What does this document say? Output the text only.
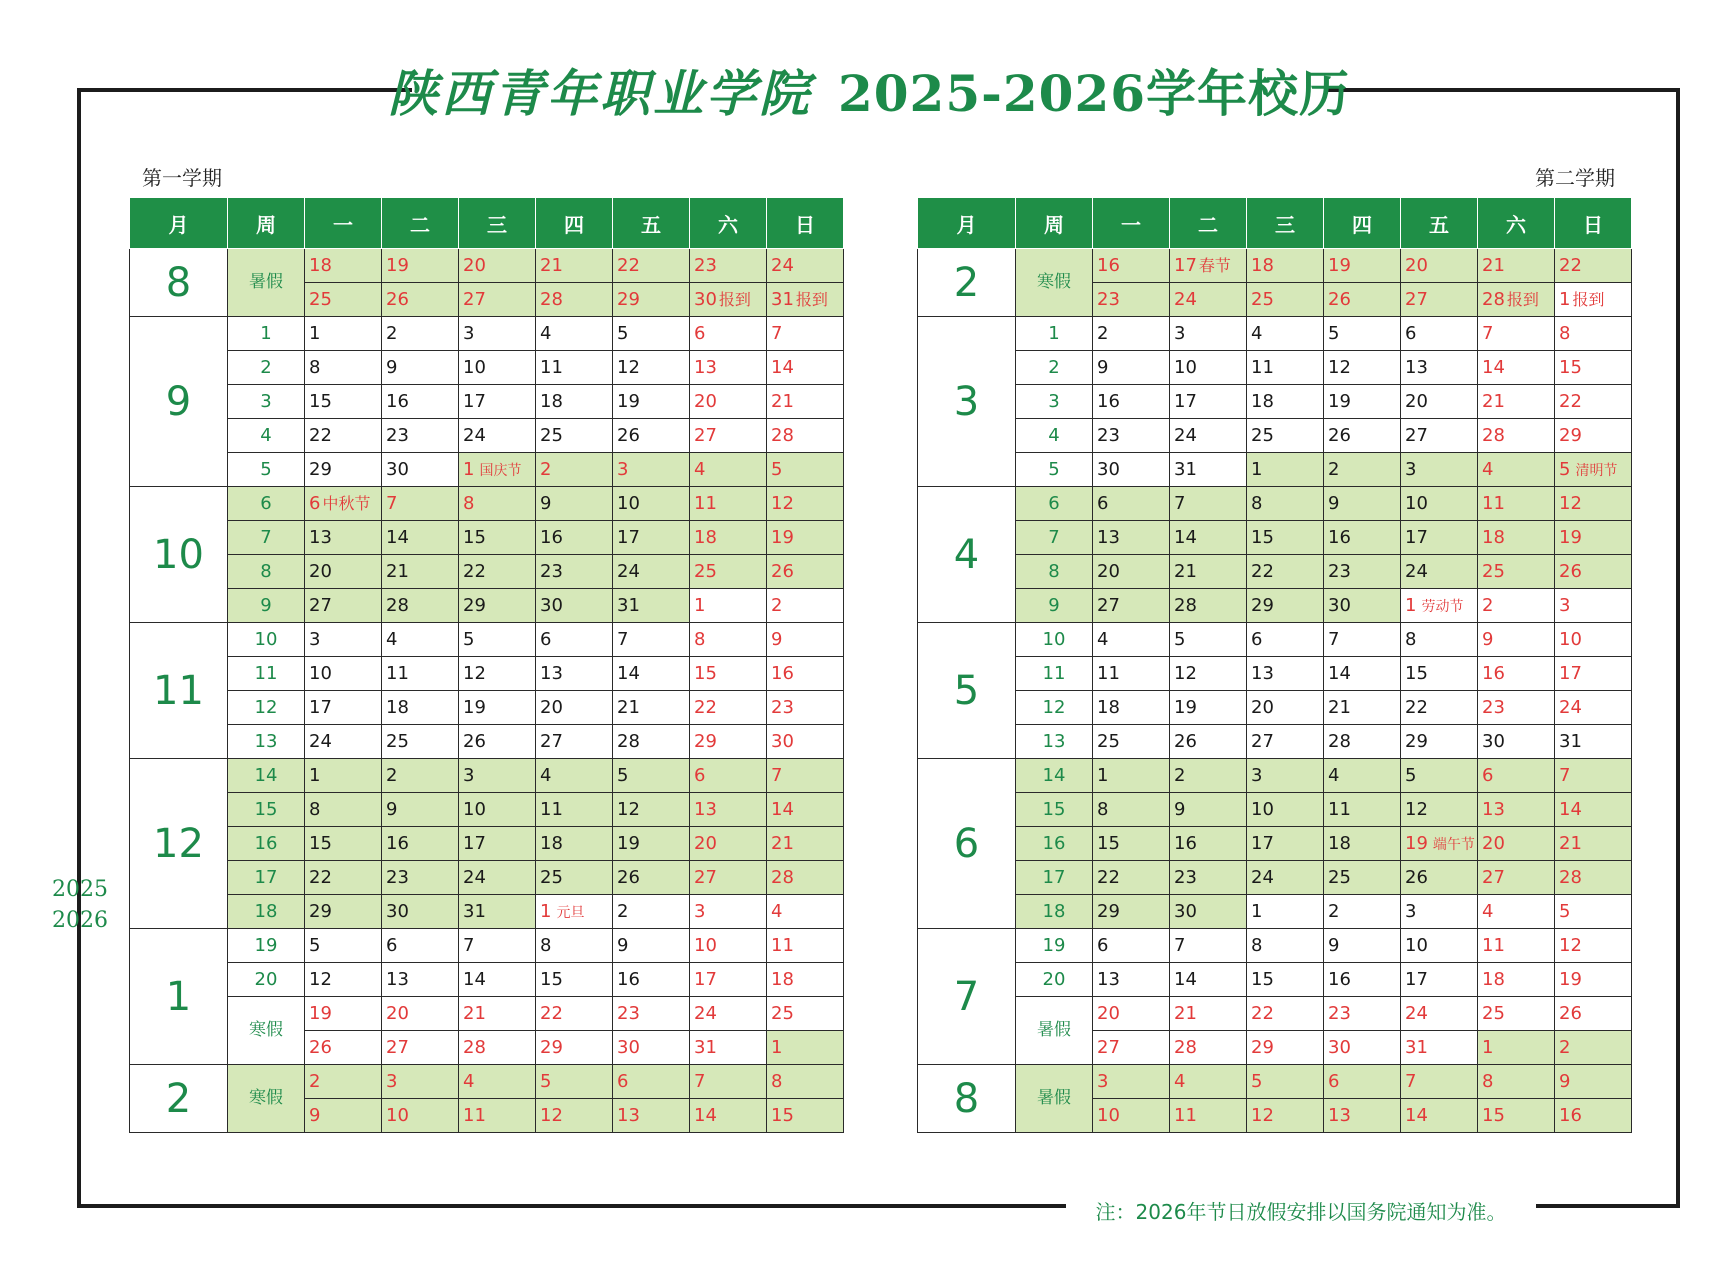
陕西青年职业学院 2025-2026学年校历
第一学期	第二学期
2025
2026
月	周	一	二	三	四	五	六	日
8	暑假	18	19	20	21	22	23	24
		25	26	27	28	29	30 报到	31 报到
9	1	1	2	3	4	5	6	7
	2	8	9	10	11	12	13	14
	3	15	16	17	18	19	20	21
	4	22	23	24	25	26	27	28
	5	29	30	1 国庆节	2	3	4	5
10	6	6 中秋节	7	8	9	10	11	12
	7	13	14	15	16	17	18	19
	8	20	21	22	23	24	25	26
	9	27	28	29	30	31	1	2
11	10	3	4	5	6	7	8	9
	11	10	11	12	13	14	15	16
	12	17	18	19	20	21	22	23
	13	24	25	26	27	28	29	30
12	14	1	2	3	4	5	6	7
	15	8	9	10	11	12	13	14
	16	15	16	17	18	19	20	21
	17	22	23	24	25	26	27	28
	18	29	30	31	1 元旦	2	3	4
1	19	5	6	7	8	9	10	11
	20	12	13	14	15	16	17	18
	寒假	19	20	21	22	23	24	25
		26	27	28	29	30	31	1
2	寒假	2	3	4	5	6	7	8
		9	10	11	12	13	14	15
月	周	一	二	三	四	五	六	日
2	寒假	16	17 春节	18	19	20	21	22
		23	24	25	26	27	28 报到	1 报到
3	1	2	3	4	5	6	7	8
	2	9	10	11	12	13	14	15
	3	16	17	18	19	20	21	22
	4	23	24	25	26	27	28	29
	5	30	31	1	2	3	4	5 清明节
4	6	6	7	8	9	10	11	12
	7	13	14	15	16	17	18	19
	8	20	21	22	23	24	25	26
	9	27	28	29	30	1 劳动节	2	3
5	10	4	5	6	7	8	9	10
	11	11	12	13	14	15	16	17
	12	18	19	20	21	22	23	24
	13	25	26	27	28	29	30	31
6	14	1	2	3	4	5	6	7
	15	8	9	10	11	12	13	14
	16	15	16	17	18	19 端午节	20	21
	17	22	23	24	25	26	27	28
	18	29	30	1	2	3	4	5
7	19	6	7	8	9	10	11	12
	20	13	14	15	16	17	18	19
	暑假	20	21	22	23	24	25	26
		27	28	29	30	31	1	2
8	暑假	3	4	5	6	7	8	9
		10	11	12	13	14	15	16
注：2026年节日放假安排以国务院通知为准。
